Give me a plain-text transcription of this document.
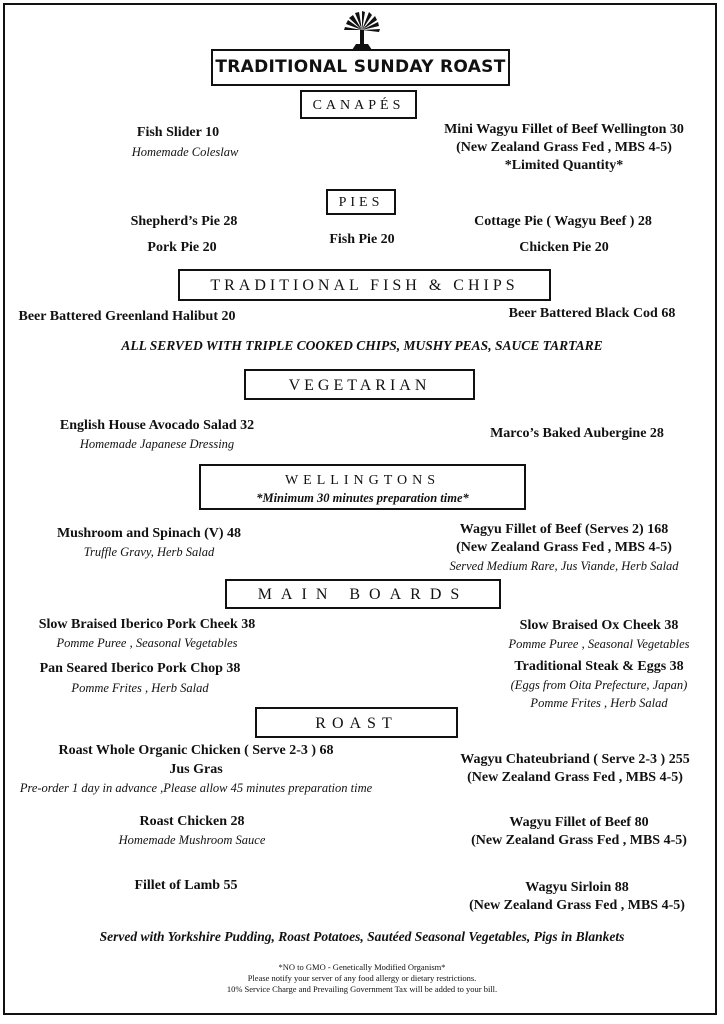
TRADITIONAL SUNDAY ROAST
CANAPÉS
Fish Slider 10
Homemade Coleslaw
Mini Wagyu Fillet of Beef Wellington 30
(New Zealand Grass Fed , MBS 4-5)
*Limited Quantity*
PIES
Shepherd’s Pie 28
Pork Pie 20
Fish Pie 20
Cottage Pie ( Wagyu Beef ) 28
Chicken Pie 20
TRADITIONAL FISH & CHIPS
Beer Battered Greenland Halibut 20	Beer Battered Black Cod 68
ALL SERVED WITH TRIPLE COOKED CHIPS, MUSHY PEAS, SAUCE TARTARE
VEGETARIAN
English House Avocado Salad 32
Homemade Japanese Dressing
Marco’s Baked Aubergine 28
WELLINGTONS
*Minimum 30 minutes preparation time*
Mushroom and Spinach (V) 48
Truffle Gravy, Herb Salad
Wagyu Fillet of Beef (Serves 2) 168
(New Zealand Grass Fed , MBS 4-5)
Served Medium Rare, Jus Viande, Herb Salad
MAIN BOARDS
Slow Braised Iberico Pork Cheek 38
Pomme Puree , Seasonal Vegetables
Slow Braised Ox Cheek 38
Pomme Puree , Seasonal Vegetables
Pan Seared Iberico Pork Chop 38
Pomme Frites , Herb Salad
Traditional Steak & Eggs 38
(Eggs from Oita Prefecture, Japan)
Pomme Frites , Herb Salad
ROAST
Roast Whole Organic Chicken ( Serve 2-3 ) 68
Jus Gras
Pre-order 1 day in advance ,Please allow 45 minutes preparation time
Wagyu Chateubriand ( Serve 2-3 ) 255
(New Zealand Grass Fed , MBS 4-5)
Roast Chicken 28
Homemade Mushroom Sauce
Wagyu Fillet of Beef 80
(New Zealand Grass Fed , MBS 4-5)
Fillet of Lamb 55	Wagyu Sirloin 88
(New Zealand Grass Fed , MBS 4-5)
Served with Yorkshire Pudding, Roast Potatoes, Sautéed Seasonal Vegetables, Pigs in Blankets
*NO to GMO - Genetically Modified Organism*
Please notify your server of any food allergy or dietary restrictions.
10% Service Charge and Prevailing Government Tax will be added to your bill.
